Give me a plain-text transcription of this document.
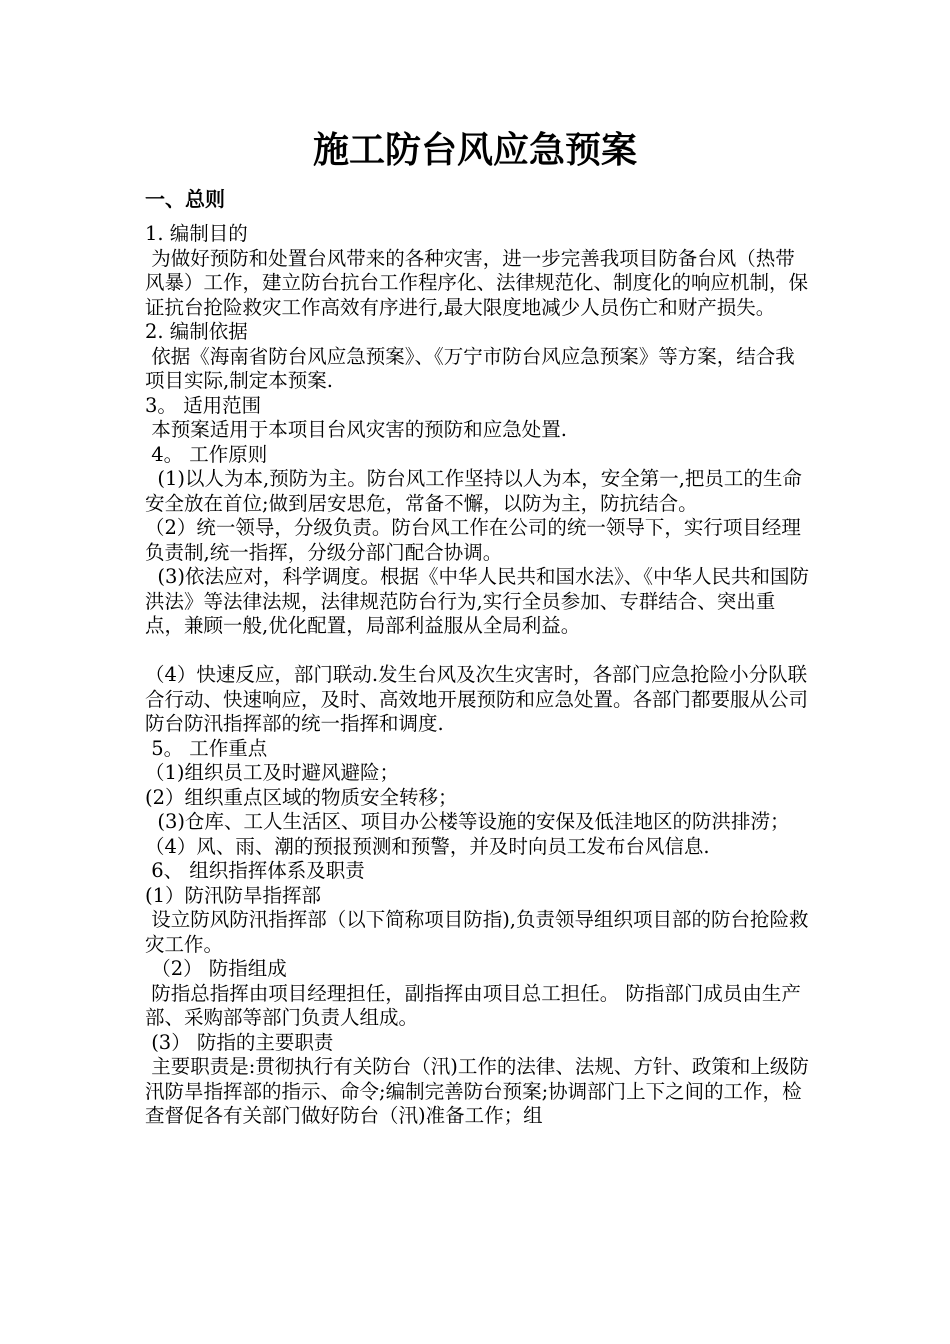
施工防台风应急预案
一、总则

1. 编制目的

为做好预防和处置台风带来的各种灾害，进一步完善我项目防备台风（热带风暴）工作，建立防台抗台工作程序化、法律规范化、制度化的响应机制，保证抗台抢险救灾工作高效有序进行,最大限度地减少人员伤亡和财产损失。

2. 编制依据

依据《海南省防台风应急预案》、《万宁市防台风应急预案》等方案，结合我项目实际,制定本预案.

3。 适用范围

本预案适用于本项目台风灾害的预防和应急处置.

4。 工作原则

(1)以人为本,预防为主。防台风工作坚持以人为本，安全第一,把员工的生命安全放在首位;做到居安思危，常备不懈，以防为主，防抗结合。

（2）统一领导，分级负责。防台风工作在公司的统一领导下，实行项目经理负责制,统一指挥，分级分部门配合协调。

(3)依法应对，科学调度。根据《中华人民共和国水法》、《中华人民共和国防洪法》等法律法规，法律规范防台行为,实行全员参加、专群结合、突出重点，兼顾一般,优化配置，局部利益服从全局利益。

（4）快速反应，部门联动.发生台风及次生灾害时，各部门应急抢险小分队联合行动、快速响应，及时、高效地开展预防和应急处置。各部门都要服从公司防台防汛指挥部的统一指挥和调度.

5。 工作重点

（1)组织员工及时避风避险；

(2）组织重点区域的物质安全转移；

(3)仓库、工人生活区、项目办公楼等设施的安保及低洼地区的防洪排涝；

（4）风、雨、潮的预报预测和预警，并及时向员工发布台风信息.

6、 组织指挥体系及职责

(1）防汛防旱指挥部

设立防风防汛指挥部（以下简称项目防指),负责领导组织项目部的防台抢险救灾工作。

（2） 防指组成

防指总指挥由项目经理担任，副指挥由项目总工担任。 防指部门成员由生产部、采购部等部门负责人组成。

(3） 防指的主要职责

主要职责是:贯彻执行有关防台（汛)工作的法律、法规、方针、政策和上级防汛防旱指挥部的指示、命令;编制完善防台预案;协调部门上下之间的工作，检查督促各有关部门做好防台（汛)准备工作；组
